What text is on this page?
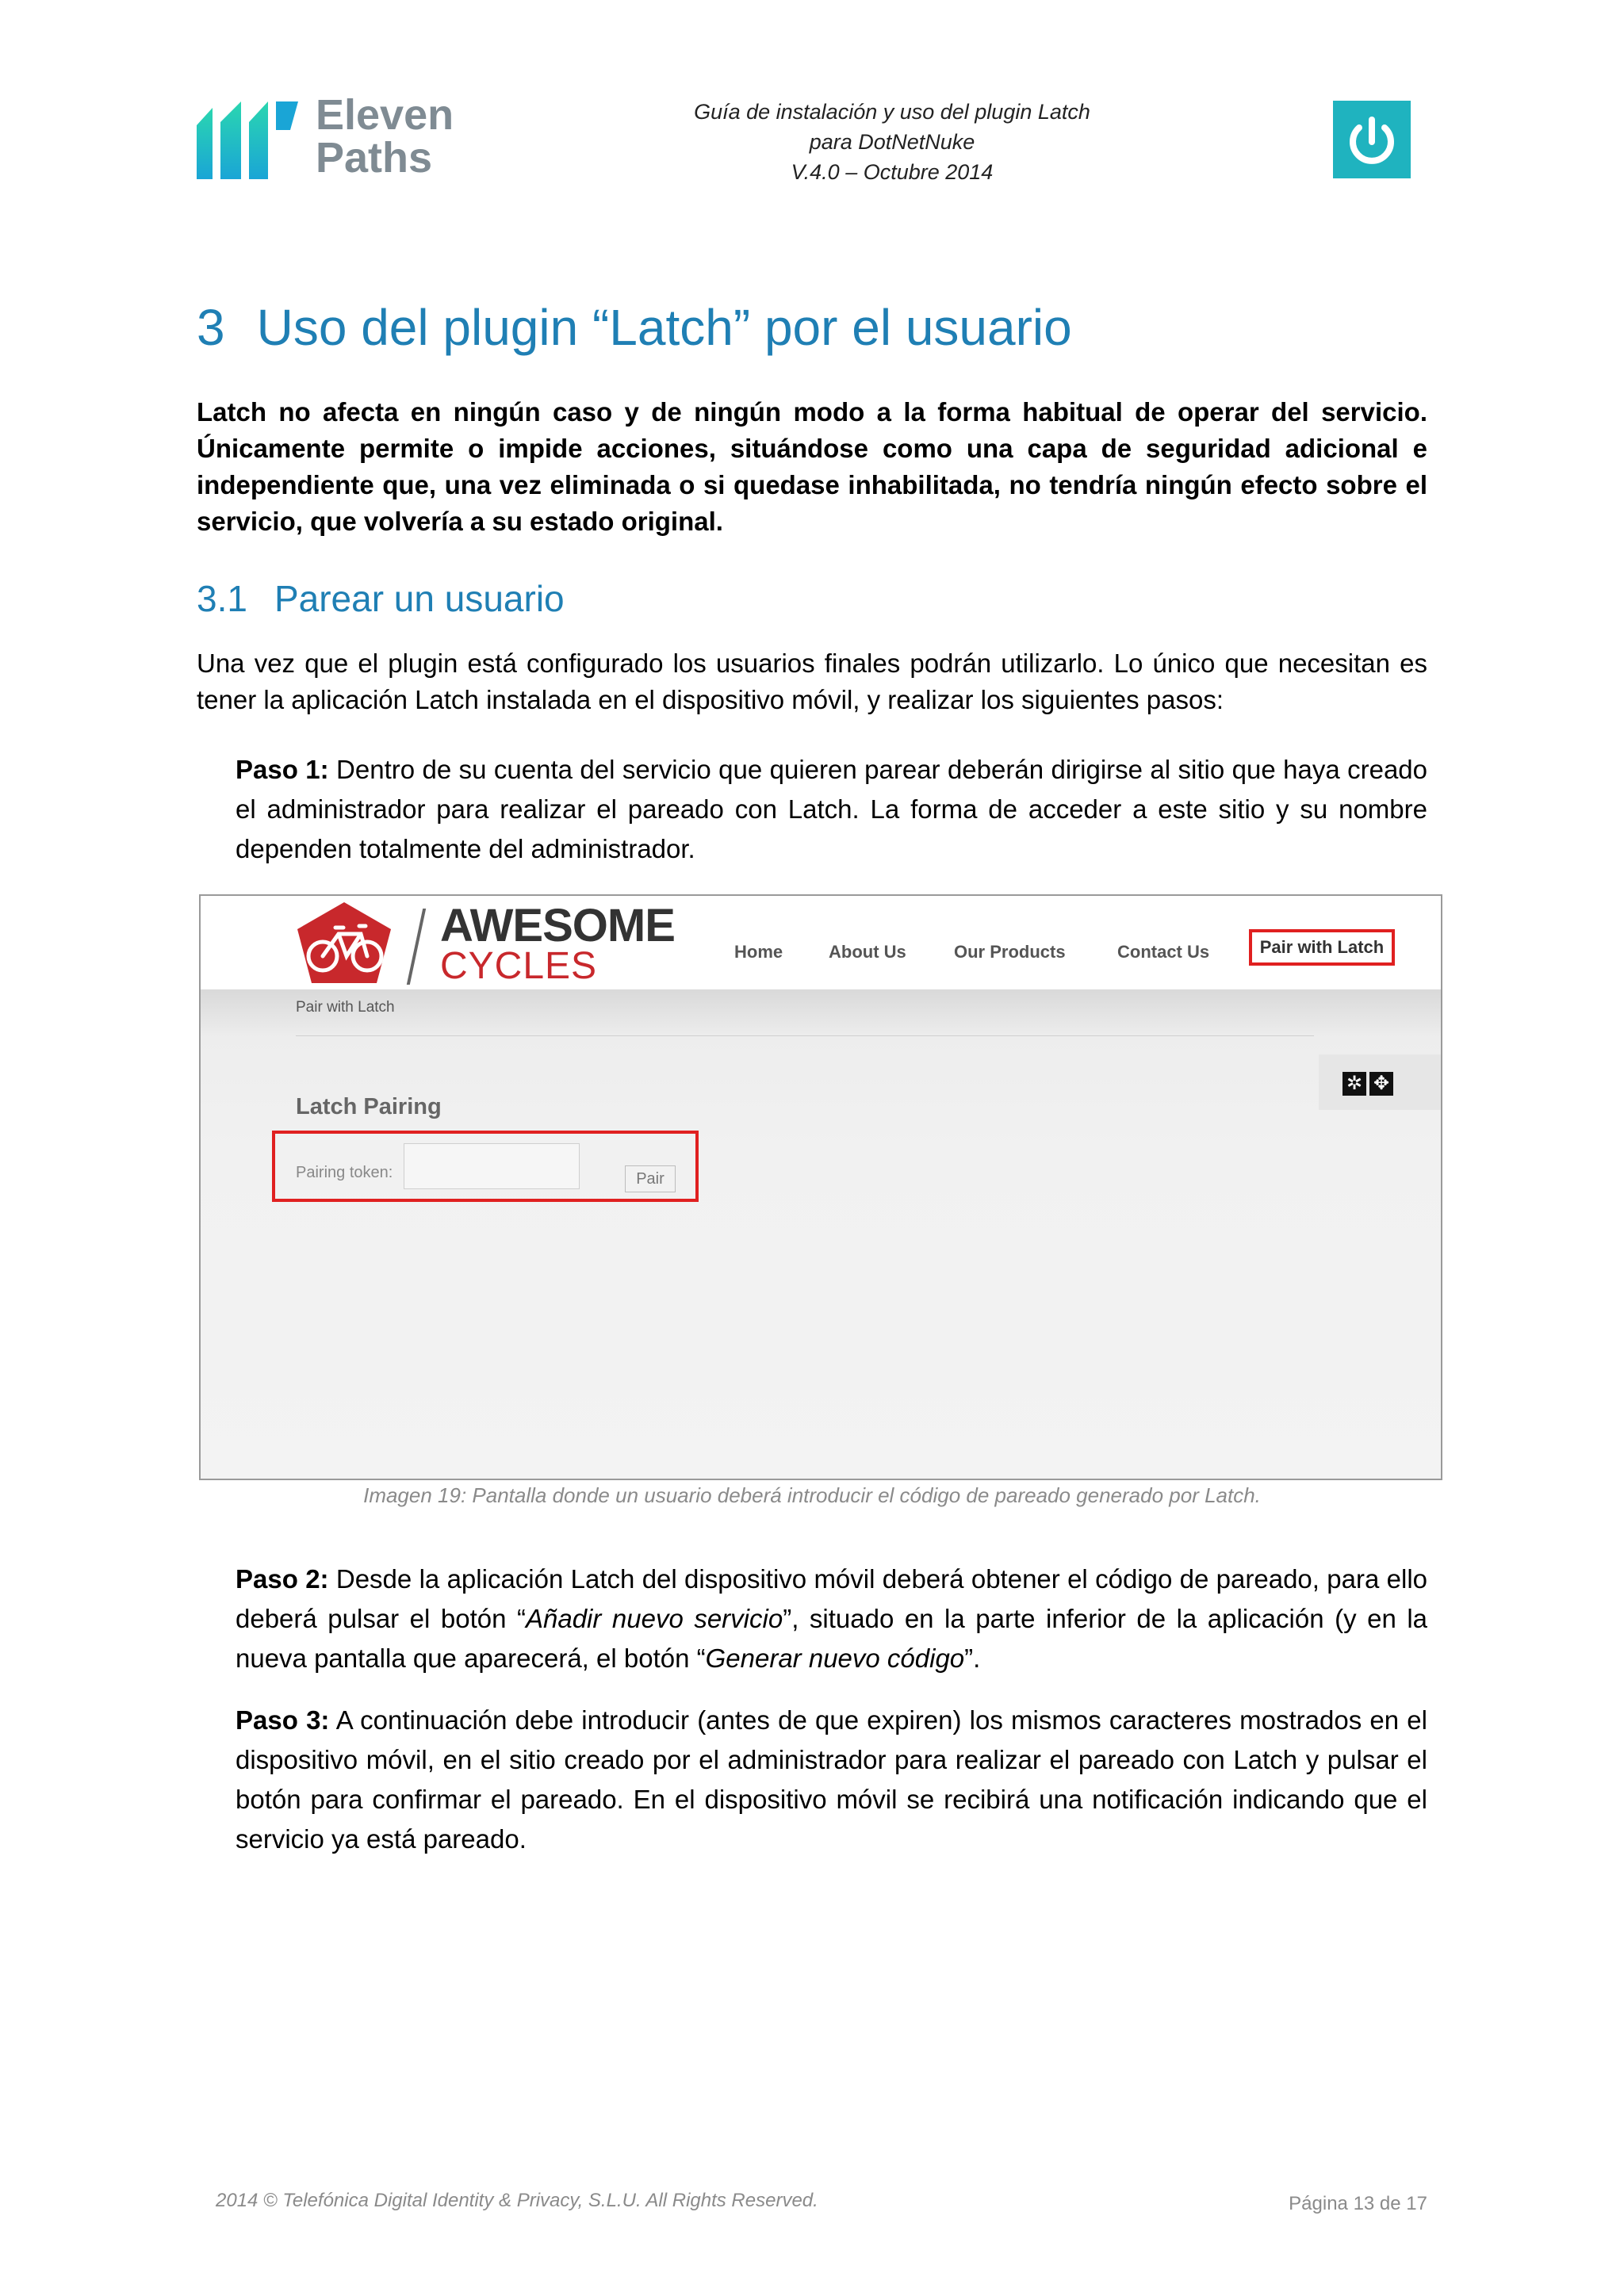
Eleven
Paths
Guía de instalación y uso del plugin Latch
para DotNetNuke
V.4.0 – Octubre 2014
3 Uso del plugin “Latch” por el usuario
Latch no afecta en ningún caso y de ningún modo a la forma habitual de operar del servicio. Únicamente permite o impide acciones, situándose como una capa de seguridad adicional e independiente que, una vez eliminada o si quedase inhabilitada, no tendría ningún efecto sobre el servicio, que volvería a su estado original.
3.1 Parear un usuario
Una vez que el plugin está configurado los usuarios finales podrán utilizarlo. Lo único que necesitan es tener la aplicación Latch instalada en el dispositivo móvil, y realizar los siguientes pasos:
Paso 1: Dentro de su cuenta del servicio que quieren parear deberán dirigirse al sitio que haya creado el administrador para realizar el pareado con Latch. La forma de acceder a este sitio y su nombre dependen totalmente del administrador.
AWESOME
CYCLES	Home	About Us	Our Products	Contact Us	Pair with Latch
Pair with Latch
✲ ✥
Latch Pairing
Pairing token:	Pair
Imagen 19: Pantalla donde un usuario deberá introducir el código de pareado generado por Latch.
Paso 2: Desde la aplicación Latch del dispositivo móvil deberá obtener el código de pareado, para ello deberá pulsar el botón “Añadir nuevo servicio”, situado en la parte inferior de la aplicación (y en la nueva pantalla que aparecerá, el botón “Generar nuevo código”.
Paso 3: A continuación debe introducir (antes de que expiren) los mismos caracteres mostrados en el dispositivo móvil, en el sitio creado por el administrador para realizar el pareado con Latch y pulsar el botón para confirmar el pareado. En el dispositivo móvil se recibirá una notificación indicando que el servicio ya está pareado.
2014 © Telefónica Digital Identity & Privacy, S.L.U. All Rights Reserved.	Página 13 de 17
